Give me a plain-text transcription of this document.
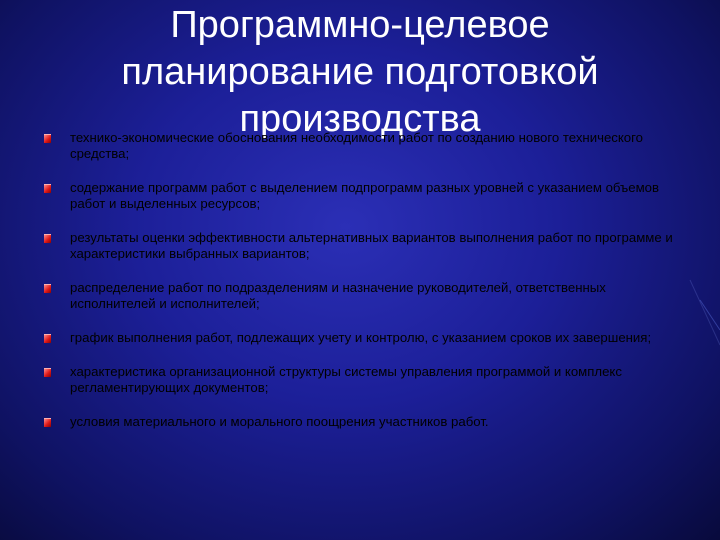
Программно-целевое
планирование подготовкой
производства
технико-экономические обоснования необходимости работ по созданию нового технического средства;
содержание программ работ с выделением подпрограмм разных уровней с указанием объемов работ и выделенных ресурсов;
результаты оценки эффективности альтернативных вариантов выполнения работ по программе и характеристики выбранных вариантов;
распределение работ по подразделениям и назначение руководителей, ответственных исполнителей и исполнителей;
график выполнения работ, подлежащих учету и контролю, с указанием сроков их завершения;
характеристика организационной структуры системы управления программой и комплекс регламентирующих документов;
условия материального и морального поощрения участников работ.
